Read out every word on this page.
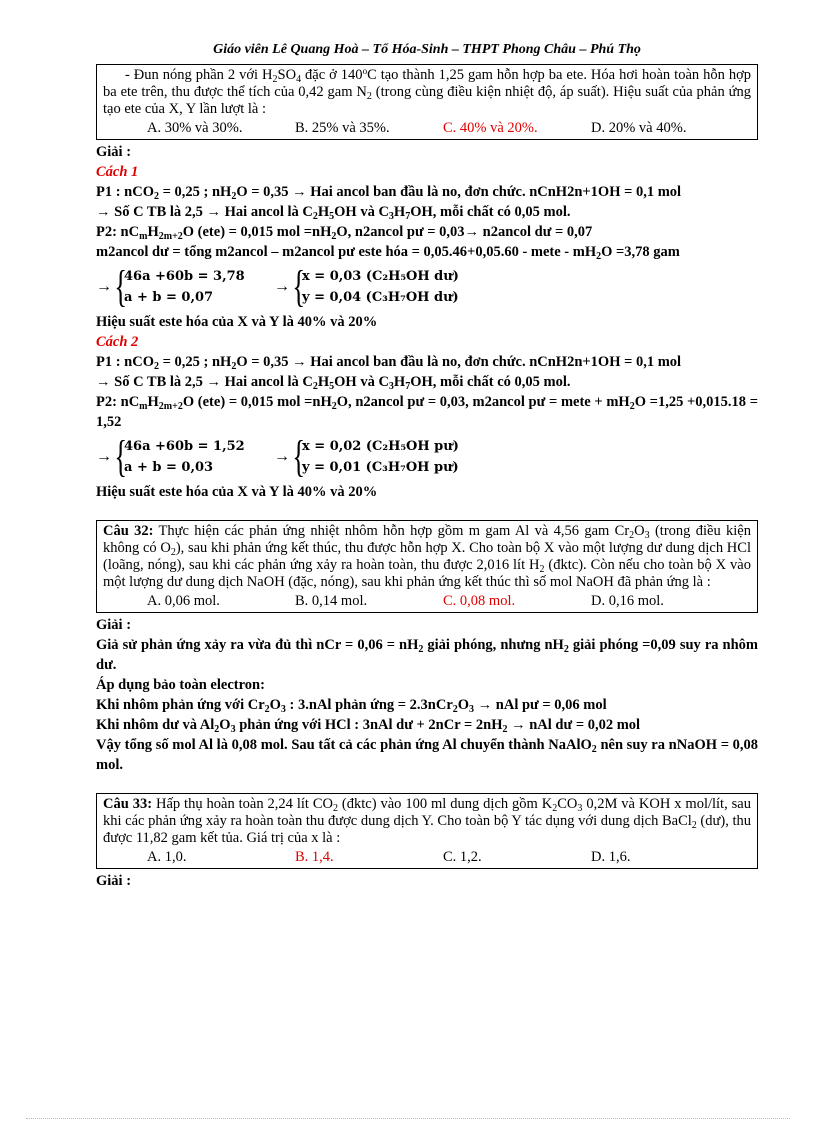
Giáo viên Lê Quang Hoà – Tổ Hóa-Sinh – THPT Phong Châu – Phú Thọ

- Đun nóng phần 2 với $H_2SO_4$ đặc ở 140$^o$C tạo thành 1,25 gam hỗn hợp ba ete. Hóa hơi hoàn toàn hỗn hợp ba ete trên, thu được thể tích của 0,42 gam $N_2$ (trong cùng điều kiện nhiệt độ, áp suất). Hiệu suất của phản ứng tạo ete của X, Y lần lượt là :

A. 30% và 30%.	B. 25% và 35%.	C. 40% và 20%.	D. 20% và 40%.

Giải :

Cách 1

P1 : nCO$_2$ = 0,25 ; $nH_2O = 0,35$ → Hai ancol ban đầu là no, đơn chức. nCnH2n+1OH = 0,1 mol

→ Số C TB là 2,5 → Hai ancol là $C_2H_5OH$ và $C_3H_7OH$, mỗi chất có 0,05 mol.

P2: $nC_mH_{2m+2}O$ (ete) = 0,015 mol $=nH_2O$, n2ancol pư = 0,03→ n2ancol dư = 0,07

m2ancol dư = tổng m2ancol – m2ancol pư este hóa = 0,05.46+0,05.60 - mete - $mH_2O =3,78$ gam

→ {
46a +60b = 3,78
a + b = 0,07
→ {
x = 0,03 (C₂H₅OH dư)
y = 0,04 (C₃H₇OH dư)

Hiệu suất este hóa của X và Y là 40% và 20%

Cách 2

P1 : nCO$_2$ = 0,25 ; $nH_2O = 0,35$ → Hai ancol ban đầu là no, đơn chức. nCnH2n+1OH = 0,1 mol

→ Số C TB là 2,5 → Hai ancol là $C_2H_5OH$ và $C_3H_7OH$, mỗi chất có 0,05 mol.

P2: $nC_mH_{2m+2}O$ (ete) = 0,015 mol $=nH_2O$, n2ancol pư = 0,03, m2ancol pư = mete + $mH_2O =1,25 +0,015.18 = 1,52$

→ {
46a +60b = 1,52
a + b = 0,03
→ {
x = 0,02 (C₂H₅OH pư)
y = 0,01 (C₃H₇OH pư)

Hiệu suất este hóa của X và Y là 40% và 20%

Câu 32: Thực hiện các phản ứng nhiệt nhôm hỗn hợp gồm m gam Al và 4,56 gam $Cr_2O_3$ (trong điều kiện không có $O_2$), sau khi phản ứng kết thúc, thu được hỗn hợp X. Cho toàn bộ X vào một lượng dư dung dịch HCl (loãng, nóng), sau khi các phản ứng xảy ra hoàn toàn, thu được 2,016 lít $H_2$ (đktc). Còn nếu cho toàn bộ X vào một lượng dư dung dịch NaOH (đặc, nóng), sau khi phản ứng kết thúc thì số mol NaOH đã phản ứng là :

A. 0,06 mol.	B. 0,14 mol.	C. 0,08 mol.	D. 0,16 mol.

Giải :

Giả sử phản ứng xảy ra vừa đủ thì nCr = $0,06 = nH_2$ giải phóng, nhưng $nH_2$ giải phóng =0,09 suy ra nhôm dư.

Áp dụng bảo toàn electron:

Khi nhôm phản ứng với $Cr_2O_3$ : 3.nAl phản ứng = $2.3nCr_2O_3$ → nAl pư = 0,06 mol

Khi nhôm dư và $Al_2O_3$ phản ứng với HCl : 3nAl dư + $2nCr = 2nH_2$ → nAl dư = 0,02 mol

Vậy tổng số mol Al là 0,08 mol. Sau tất cả các phản ứng Al chuyển thành NaAlO$_2$ nên suy ra nNaOH = 0,08 mol.

Câu 33: Hấp thụ hoàn toàn 2,24 lít $CO_2$ (đktc) vào 100 ml dung dịch gồm $K_2CO_3$ 0,2M và KOH x mol/lít, sau khi các phản ứng xảy ra hoàn toàn thu được dung dịch Y. Cho toàn bộ Y tác dụng với dung dịch BaCl$_2$ (dư), thu được 11,82 gam kết tủa. Giá trị của x là :

A. 1,0.	B. 1,4.	C. 1,2.	D. 1,6.

Giải :
